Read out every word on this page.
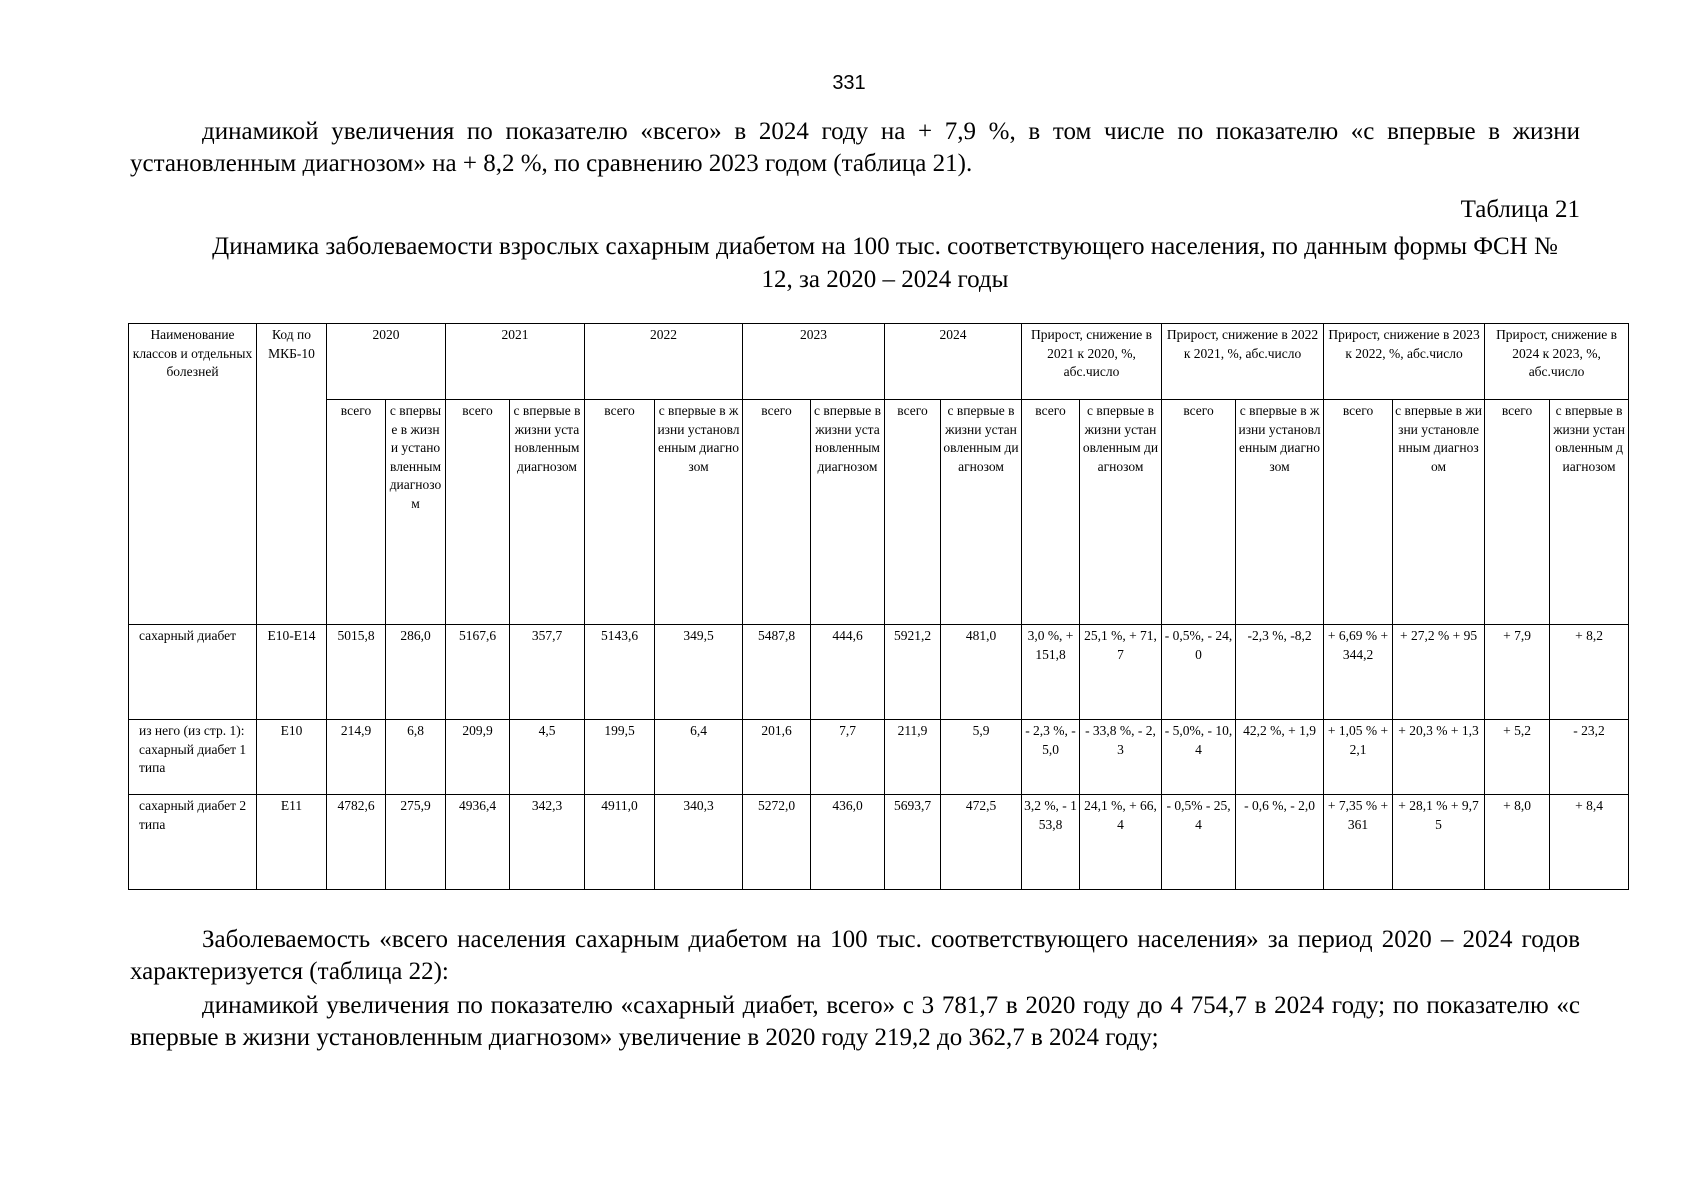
331

динамикой увеличения по показателю «всего» в 2024 году на + 7,9 %, в том числе по показателю «с впервые в жизни установленным диагнозом» на + 8,2 %, по сравнению 2023 годом (таблица 21).

Таблица 21
Динамика заболеваемости взрослых сахарным диабетом на 100 тыс. соответствующего населения, по данным формы ФСН № 12, за 2020 – 2024 годы
Наименование классов и отдельных болезней	Код по МКБ-10	2020		2021		2022		2023		2024		Прирост, снижение в 2021 к 2020, %, абс.число		Прирост, снижение в 2022 к 2021, %, абс.число		Прирост, снижение в 2023 к 2022, %, абс.число		Прирост, снижение в 2024 к 2023, %, абс.число	
		всего	с впервые в жизни установленным диагнозом	всего	с впервые в жизни установленным диагнозом	всего	с впервые в жизни установленным диагнозом	всего	с впервые в жизни установленным диагнозом	всего	с впервые в жизни установленным диагнозом	всего	с впервые в жизни установленным диагнозом	всего	с впервые в жизни установленным диагнозом	всего	с впервые в жизни установленным диагнозом	всего	с впервые в жизни установленным диагнозом
сахарный диабет	E10-E14	5015,8	286,0	5167,6	357,7	5143,6	349,5	5487,8	444,6	5921,2	481,0	3,0 %, + 151,8	25,1 %, + 71,7	- 0,5%, - 24,0	-2,3 %, -8,2	+ 6,69 % + 344,2	+ 27,2 % + 95	+ 7,9	+ 8,2
из него (из стр. 1): сахарный диабет 1 типа	E10	214,9	6,8	209,9	4,5	199,5	6,4	201,6	7,7	211,9	5,9	- 2,3 %, - 5,0	- 33,8 %, - 2,3	- 5,0%, - 10,4	42,2 %, + 1,9	+ 1,05 % + 2,1	+ 20,3 % + 1,3	+ 5,2	- 23,2
сахарный диабет 2 типа	E11	4782,6	275,9	4936,4	342,3	4911,0	340,3	5272,0	436,0	5693,7	472,5	3,2 %, - 153,8	24,1 %, + 66,4	- 0,5% - 25,4	- 0,6 %, - 2,0	+ 7,35 % + 361	+ 28,1 % + 9,75	+ 8,0	+ 8,4

Заболеваемость «всего населения сахарным диабетом на 100 тыс. соответствующего населения» за период 2020 – 2024 годов характеризуется (таблица 22):

динамикой увеличения по показателю «сахарный диабет, всего» с 3 781,7 в 2020 году до 4 754,7 в 2024 году; по показателю «с впервые в жизни установленным диагнозом» увеличение в 2020 году 219,2 до 362,7 в 2024 году;
